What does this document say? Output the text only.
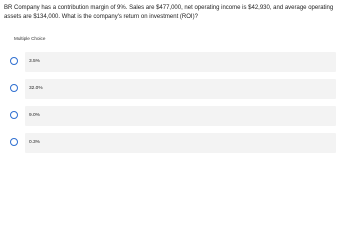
BR Company has a contribution margin of 9%. Sales are $477,000, net operating income is $42,930, and average operating assets are $134,000. What is the company's return on investment (ROI)?
Multiple Choice
3.5%
32.0%
9.0%
0.3%
